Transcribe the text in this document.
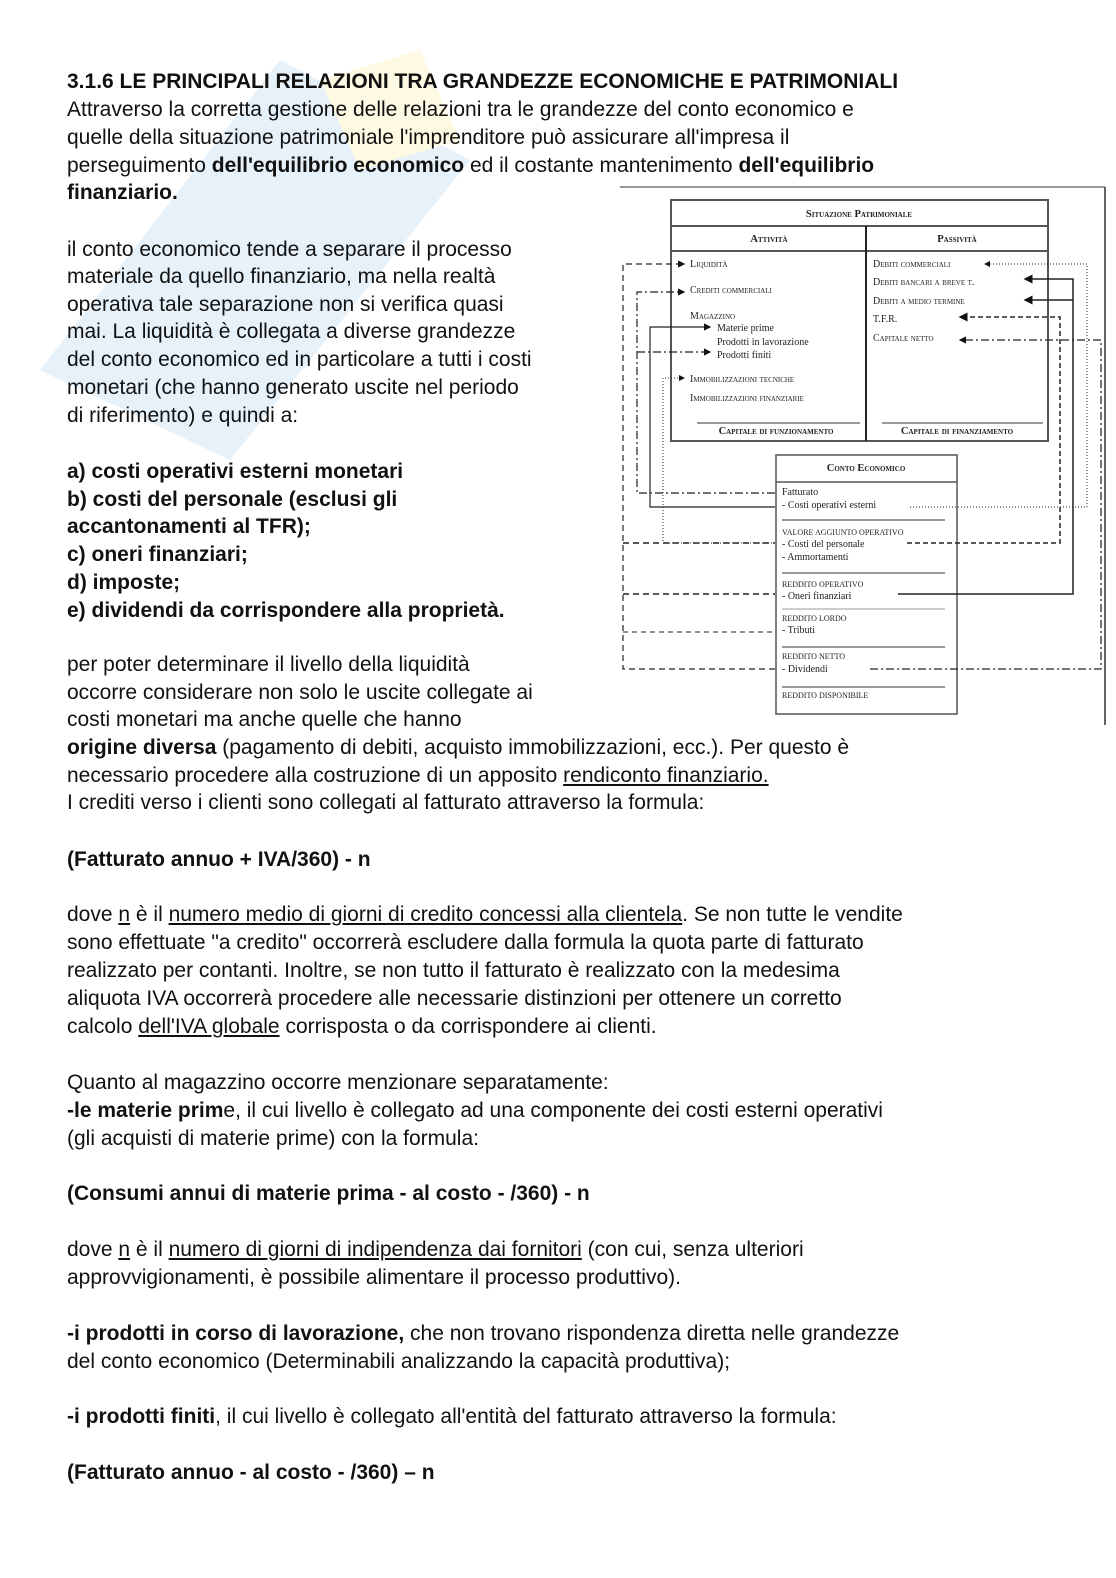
3.1.6 LE PRINCIPALI RELAZIONI TRA GRANDEZZE ECONOMICHE E PATRIMONIALI
Attraverso la corretta gestione delle relazioni tra le grandezze del conto economico e
quelle della situazione patrimoniale l'imprenditore può assicurare all'impresa il
perseguimento dell'equilibrio economico ed il costante mantenimento dell'equilibrio
finanziario.
il conto economico tende a separare il processo
materiale da quello finanziario, ma nella realtà
operativa tale separazione non si verifica quasi
mai. La liquidità è collegata a diverse grandezze
del conto economico ed in particolare a tutti i costi
monetari (che hanno generato uscite nel periodo
di riferimento) e quindi a:
a) costi operativi esterni monetari
b) costi del personale (esclusi gli
accantonamenti al TFR);
c) oneri finanziari;
d) imposte;
e) dividendi da corrispondere alla proprietà.
per poter determinare il livello della liquidità
occorre considerare non solo le uscite collegate ai
costi monetari ma anche quelle che hanno
origine diversa (pagamento di debiti, acquisto immobilizzazioni, ecc.). Per questo è
necessario procedere alla costruzione di un apposito rendiconto finanziario.
I crediti verso i clienti sono collegati al fatturato attraverso la formula:
(Fatturato annuo + IVA/360) - n
dove n è il numero medio di giorni di credito concessi alla clientela. Se non tutte le vendite
sono effettuate "a credito" occorrerà escludere dalla formula la quota parte di fatturato
realizzato per contanti. Inoltre, se non tutto il fatturato è realizzato con la medesima
aliquota IVA occorrerà procedere alle necessarie distinzioni per ottenere un corretto
calcolo dell'IVA globale corrisposta o da corrispondere ai clienti.
Quanto al magazzino occorre menzionare separatamente:
-le materie prime, il cui livello è collegato ad una componente dei costi esterni operativi
(gli acquisti di materie prime) con la formula:
(Consumi annui di materie prima - al costo - /360) - n
dove n è il numero di giorni di indipendenza dai fornitori (con cui, senza ulteriori
approvvigionamenti, è possibile alimentare il processo produttivo).
-i prodotti in corso di lavorazione, che non trovano rispondenza diretta nelle grandezze
del conto economico (Determinabili analizzando la capacità produttiva);
-i prodotti finiti, il cui livello è collegato all'entità del fatturato attraverso la formula:
(Fatturato annuo - al costo - /360) – n
Situazione Patrimoniale
Attività	Passività
Liquidità
Crediti commerciali
Magazzino
Materie prime
Prodotti in lavorazione
Prodotti finiti
Immobilizzazioni tecniche
Immobilizzazioni finanziarie
Capitale di funzionamento
Debiti commerciali
Debiti bancari a breve t.
Debiti a medio termine
T.F.R.
Capitale netto
Capitale di finanziamento
Conto Economico
Fatturato
- Costi operativi esterni
VALORE AGGIUNTO OPERATIVO
- Costi del personale
- Ammortamenti
REDDITO OPERATIVO
- Oneri finanziari
REDDITO LORDO
- Tributi
REDDITO NETTO
- Dividendi
REDDITO DISPONIBILE
